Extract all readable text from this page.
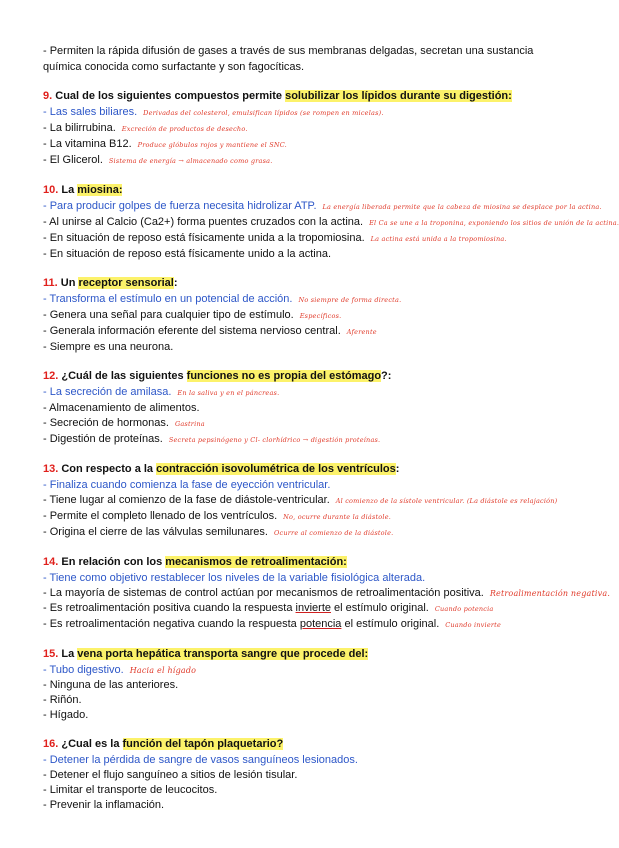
- Permiten la rápida difusión de gases a través de sus membranas delgadas, secretan una sustancia
química conocida como surfactante y son fagocíticas.
9. Cual de los siguientes compuestos permite solubilizar los lípidos durante su digestión:
- Las sales biliares. Derivadas del colesterol, emulsifican lípidos (se rompen en micelas).
- La bilirrubina. Excreción de productos de desecho.
- La vitamina B12. Produce glóbulos rojos y mantiene el SNC.
- El Glicerol. Sistema de energía → almacenado como grasa.
10. La miosina:
- Para producir golpes de fuerza necesita hidrolizar ATP. La energía liberada permite que la cabeza de miosina se desplace por la actina.
- Al unirse al Calcio (Ca2+) forma puentes cruzados con la actina. El Ca se une a la troponina, exponiendo los sitios de unión de la actina.
- En situación de reposo está físicamente unida a la tropomiosina. La actina está unida a la tropomiosina.
- En situación de reposo está físicamente unido a la actina.
11. Un receptor sensorial:
- Transforma el estímulo en un potencial de acción. No siempre de forma directa.
- Genera una señal para cualquier tipo de estímulo. Específicos.
- Generala información eferente del sistema nervioso central. Aferente
- Siempre es una neurona.
12. ¿Cuál de las siguientes funciones no es propia del estómago?:
- La secreción de amilasa. En la saliva y en el páncreas.
- Almacenamiento de alimentos.
- Secreción de hormonas. Gastrina
- Digestión de proteínas. Secreta pepsinógeno y Cl- clorhídrico → digestión proteínas.
13. Con respecto a la contracción isovolumétrica de los ventrículos:
- Finaliza cuando comienza la fase de eyección ventricular.
- Tiene lugar al comienzo de la fase de diástole-ventricular. Al comienzo de la sístole ventricular. (La diástole es relajación)
- Permite el completo llenado de los ventrículos. No, ocurre durante la diástole.
- Origina el cierre de las válvulas semilunares. Ocurre al comienzo de la diástole.
14. En relación con los mecanismos de retroalimentación:
- Tiene como objetivo restablecer los niveles de la variable fisiológica alterada.
- La mayoría de sistemas de control actúan por mecanismos de retroalimentación positiva. Retroalimentación negativa.
- Es retroalimentación positiva cuando la respuesta invierte el estímulo original. Cuando potencia
- Es retroalimentación negativa cuando la respuesta potencia el estímulo original. Cuando invierte
15. La vena porta hepática transporta sangre que procede del:
- Tubo digestivo. Hacia el hígado
- Ninguna de las anteriores.
- Riñón.
- Hígado.
16. ¿Cual es la función del tapón plaquetario?
- Detener la pérdida de sangre de vasos sanguíneos lesionados.
- Detener el flujo sanguíneo a sitios de lesión tisular.
- Limitar el transporte de leucocitos.
- Prevenir la inflamación.
